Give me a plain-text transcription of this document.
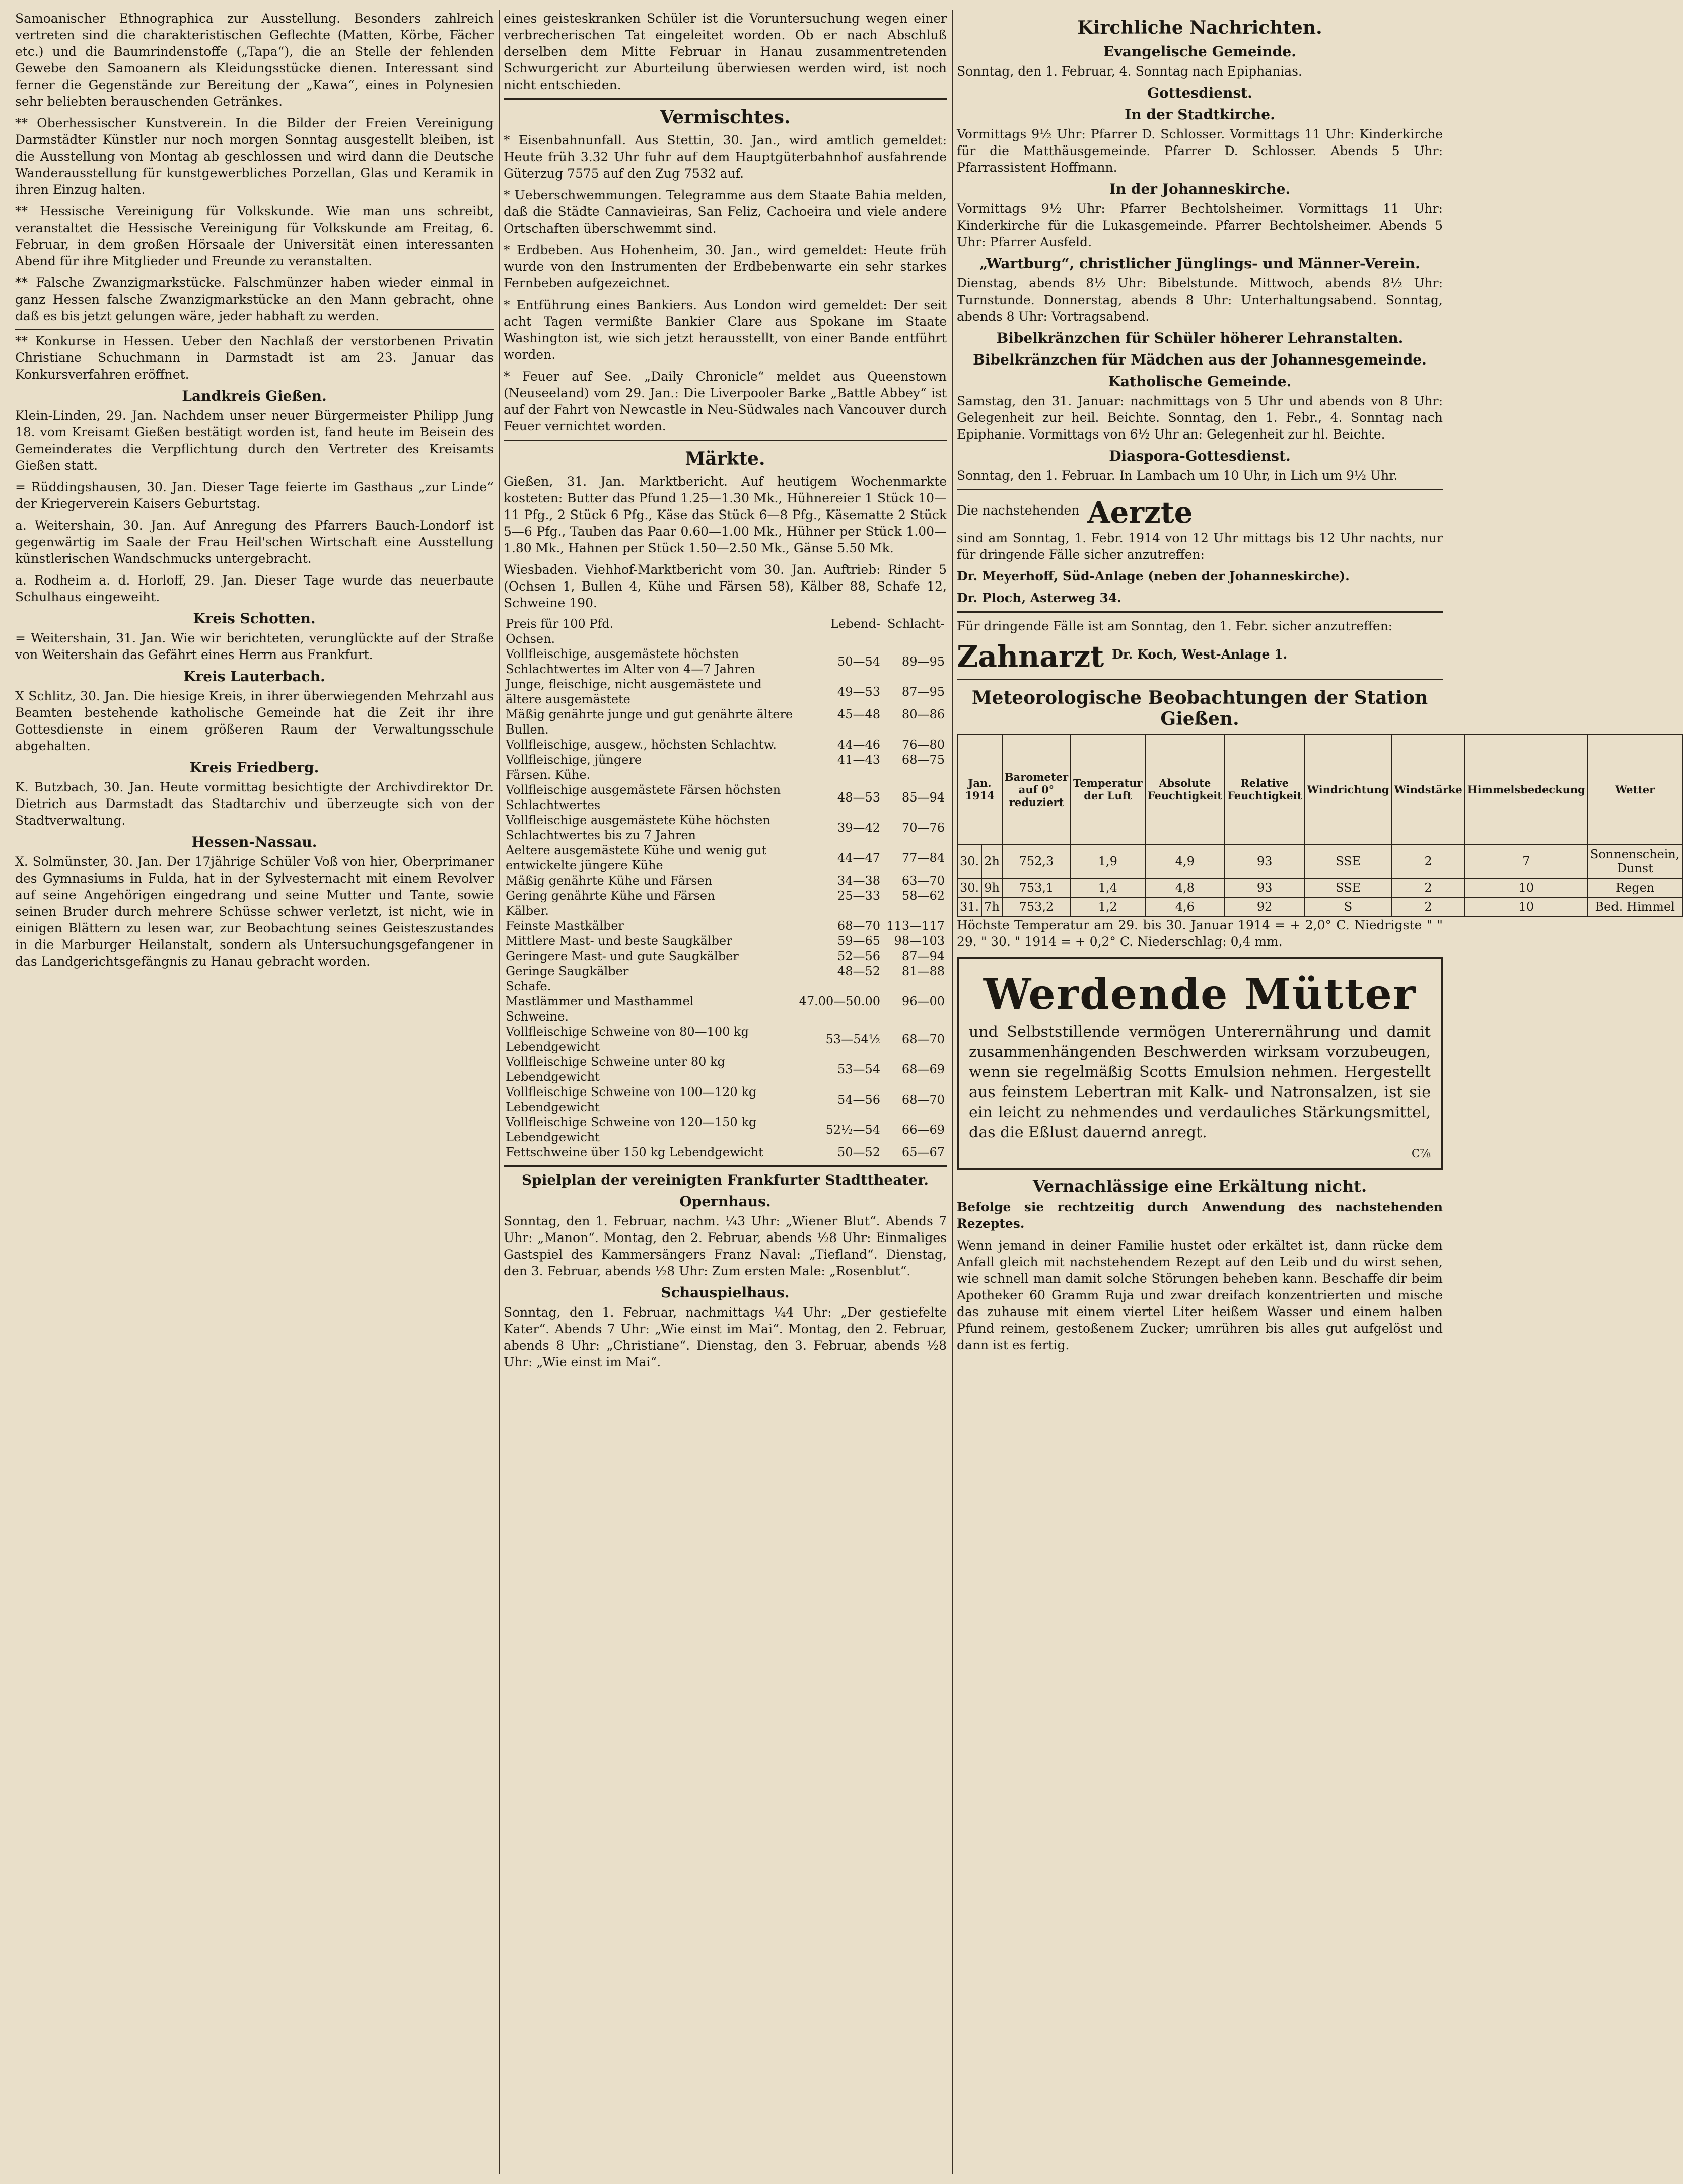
Samoanischer Ethnographica zur Ausstellung. Besonders zahlreich vertreten sind die charakteristischen Geflechte (Matten, Körbe, Fächer etc.) und die Baumrindenstoffe („Tapa“), die an Stelle der fehlenden Gewebe den Samoanern als Kleidungsstücke dienen. Interessant sind ferner die Gegenstände zur Bereitung der „Kawa“, eines in Polynesien sehr beliebten berauschenden Getränkes.

** Oberhessischer Kunstverein. In die Bilder der Freien Vereinigung Darmstädter Künstler nur noch morgen Sonntag ausgestellt bleiben, ist die Ausstellung von Montag ab geschlossen und wird dann die Deutsche Wanderausstellung für kunstgewerbliches Porzellan, Glas und Keramik in ihren Einzug halten.

** Hessische Vereinigung für Volkskunde. Wie man uns schreibt, veranstaltet die Hessische Vereinigung für Volkskunde am Freitag, 6. Februar, in dem großen Hörsaale der Universität einen interessanten Abend für ihre Mitglieder und Freunde zu veranstalten.

** Falsche Zwanzigmarkstücke. Falschmünzer haben wieder einmal in ganz Hessen falsche Zwanzigmarkstücke an den Mann gebracht, ohne daß es bis jetzt gelungen wäre, jeder habhaft zu werden.

** Konkurse in Hessen. Ueber den Nachlaß der verstorbenen Privatin Christiane Schuchmann in Darmstadt ist am 23. Januar das Konkursverfahren eröffnet.

Landkreis Gießen.

Klein-Linden, 29. Jan. Nachdem unser neuer Bürgermeister Philipp Jung 18. vom Kreisamt Gießen bestätigt worden ist, fand heute im Beisein des Gemeinderates die Verpflichtung durch den Vertreter des Kreisamts Gießen statt.

= Rüddingshausen, 30. Jan. Dieser Tage feierte im Gasthaus „zur Linde“ der Kriegerverein Kaisers Geburtstag.

a. Weitershain, 30. Jan. Auf Anregung des Pfarrers Bauch-Londorf ist gegenwärtig im Saale der Frau Heil'schen Wirtschaft eine Ausstellung künstlerischen Wandschmucks untergebracht.

a. Rodheim a. d. Horloff, 29. Jan. Dieser Tage wurde das neuerbaute Schulhaus eingeweiht.

Kreis Schotten.

= Weitershain, 31. Jan. Wie wir berichteten, verunglückte auf der Straße von Weitershain das Gefährt eines Herrn aus Frankfurt.

Kreis Lauterbach.

X Schlitz, 30. Jan. Die hiesige Kreis, in ihrer überwiegenden Mehrzahl aus Beamten bestehende katholische Gemeinde hat die Zeit ihr ihre Gottesdienste in einem größeren Raum der Verwaltungsschule abgehalten.

Kreis Friedberg.

K. Butzbach, 30. Jan. Heute vormittag besichtigte der Archivdirektor Dr. Dietrich aus Darmstadt das Stadtarchiv und überzeugte sich von der Stadtverwaltung.

Hessen-Nassau.

X. Solmünster, 30. Jan. Der 17jährige Schüler Voß von hier, Oberprimaner des Gymnasiums in Fulda, hat in der Sylvesternacht mit einem Revolver auf seine Angehörigen eingedrang und seine Mutter und Tante, sowie seinen Bruder durch mehrere Schüsse schwer verletzt, ist nicht, wie in einigen Blättern zu lesen war, zur Beobachtung seines Geisteszustandes in die Marburger Heilanstalt, sondern als Untersuchungsgefangener in das Landgerichtsgefängnis zu Hanau gebracht worden.

eines geisteskranken Schüler ist die Voruntersuchung wegen einer verbrecherischen Tat eingeleitet worden. Ob er nach Abschluß derselben dem Mitte Februar in Hanau zusammentretenden Schwurgericht zur Aburteilung überwiesen werden wird, ist noch nicht entschieden.

Vermischtes.

* Eisenbahnunfall. Aus Stettin, 30. Jan., wird amtlich gemeldet: Heute früh 3.32 Uhr fuhr auf dem Hauptgüterbahnhof ausfahrende Güterzug 7575 auf den Zug 7532 auf.

* Ueberschwemmungen. Telegramme aus dem Staate Bahia melden, daß die Städte Cannavieiras, San Feliz, Cachoeira und viele andere Ortschaften überschwemmt sind.

* Erdbeben. Aus Hohenheim, 30. Jan., wird gemeldet: Heute früh wurde von den Instrumenten der Erdbebenwarte ein sehr starkes Fernbeben aufgezeichnet.

* Entführung eines Bankiers. Aus London wird gemeldet: Der seit acht Tagen vermißte Bankier Clare aus Spokane im Staate Washington ist, wie sich jetzt herausstellt, von einer Bande entführt worden.

* Feuer auf See. „Daily Chronicle“ meldet aus Queenstown (Neuseeland) vom 29. Jan.: Die Liverpooler Barke „Battle Abbey“ ist auf der Fahrt von Newcastle in Neu-Südwales nach Vancouver durch Feuer vernichtet worden.

Märkte.

Gießen, 31. Jan. Marktbericht. Auf heutigem Wochenmarkte kosteten: Butter das Pfund 1.25—1.30 Mk., Hühnereier 1 Stück 10—11 Pfg., 2 Stück 6 Pfg., Käse das Stück 6—8 Pfg., Käsematte 2 Stück 5—6 Pfg., Tauben das Paar 0.60—1.00 Mk., Hühner per Stück 1.00—1.80 Mk., Hahnen per Stück 1.50—2.50 Mk., Gänse 5.50 Mk.

Wiesbaden. Viehhof-Marktbericht vom 30. Jan. Auftrieb: Rinder 5 (Ochsen 1, Bullen 4, Kühe und Färsen 58), Kälber 88, Schafe 12, Schweine 190.

Preis für 100 Pfd.	Lebend-	Schlacht-
Ochsen.		
Vollfleischige, ausgemästete höchsten Schlachtwertes im Alter von 4—7 Jahren	50—54	89—95
Junge, fleischige, nicht ausgemästete und ältere ausgemästete	49—53	87—95
Mäßig genährte junge und gut genährte ältere	45—48	80—86
Bullen.		
Vollfleischige, ausgew., höchsten Schlachtw.	44—46	76—80
Vollfleischige, jüngere	41—43	68—75
Färsen. Kühe.		
Vollfleischige ausgemästete Färsen höchsten Schlachtwertes	48—53	85—94
Vollfleischige ausgemästete Kühe höchsten Schlachtwertes bis zu 7 Jahren	39—42	70—76
Aeltere ausgemästete Kühe und wenig gut entwickelte jüngere Kühe	44—47	77—84
Mäßig genährte Kühe und Färsen	34—38	63—70
Gering genährte Kühe und Färsen	25—33	58—62
Kälber.		
Feinste Mastkälber	68—70	113—117
Mittlere Mast- und beste Saugkälber	59—65	98—103
Geringere Mast- und gute Saugkälber	52—56	87—94
Geringe Saugkälber	48—52	81—88
Schafe.		
Mastlämmer und Masthammel	47.00—50.00	96—00
Schweine.		
Vollfleischige Schweine von 80—100 kg Lebendgewicht	53—54½	68—70
Vollfleischige Schweine unter 80 kg Lebendgewicht	53—54	68—69
Vollfleischige Schweine von 100—120 kg Lebendgewicht	54—56	68—70
Vollfleischige Schweine von 120—150 kg Lebendgewicht	52½—54	66—69
Fettschweine über 150 kg Lebendgewicht	50—52	65—67
Spielplan der vereinigten Frankfurter Stadttheater.
Opernhaus.

Sonntag, den 1. Februar, nachm. ¼3 Uhr: „Wiener Blut“. Abends 7 Uhr: „Manon“. Montag, den 2. Februar, abends ½8 Uhr: Einmaliges Gastspiel des Kammersängers Franz Naval: „Tiefland“. Dienstag, den 3. Februar, abends ½8 Uhr: Zum ersten Male: „Rosenblut“.

Schauspielhaus.

Sonntag, den 1. Februar, nachmittags ¼4 Uhr: „Der gestiefelte Kater“. Abends 7 Uhr: „Wie einst im Mai“. Montag, den 2. Februar, abends 8 Uhr: „Christiane“. Dienstag, den 3. Februar, abends ½8 Uhr: „Wie einst im Mai“.

Kirchliche Nachrichten.
Evangelische Gemeinde.

Sonntag, den 1. Februar, 4. Sonntag nach Epiphanias.

Gottesdienst.
In der Stadtkirche.

Vormittags 9½ Uhr: Pfarrer D. Schlosser. Vormittags 11 Uhr: Kinderkirche für die Matthäusgemeinde. Pfarrer D. Schlosser. Abends 5 Uhr: Pfarrassistent Hoffmann.

In der Johanneskirche.

Vormittags 9½ Uhr: Pfarrer Bechtolsheimer. Vormittags 11 Uhr: Kinderkirche für die Lukasgemeinde. Pfarrer Bechtolsheimer. Abends 5 Uhr: Pfarrer Ausfeld.

„Wartburg“, christlicher Jünglings- und Männer-Verein.

Dienstag, abends 8½ Uhr: Bibelstunde. Mittwoch, abends 8½ Uhr: Turnstunde. Donnerstag, abends 8 Uhr: Unterhaltungsabend. Sonntag, abends 8 Uhr: Vortragsabend.

Bibelkränzchen für Schüler höherer Lehranstalten.
Bibelkränzchen für Mädchen aus der Johannesgemeinde.
Katholische Gemeinde.

Samstag, den 31. Januar: nachmittags von 5 Uhr und abends von 8 Uhr: Gelegenheit zur heil. Beichte. Sonntag, den 1. Febr., 4. Sonntag nach Epiphanie. Vormittags von 6½ Uhr an: Gelegenheit zur hl. Beichte.

Diaspora-Gottesdienst.

Sonntag, den 1. Februar. In Lambach um 10 Uhr, in Lich um 9½ Uhr.

Die nachstehenden Aerzte

sind am Sonntag, 1. Febr. 1914 von 12 Uhr mittags bis 12 Uhr nachts, nur für dringende Fälle sicher anzutreffen:

Dr. Meyerhoff, Süd-Anlage (neben der Johanneskirche).

Dr. Ploch, Asterweg 34.

Für dringende Fälle ist am Sonntag, den 1. Febr. sicher anzutreffen:

Zahnarzt Dr. Koch, West-Anlage 1.
Meteorologische Beobachtungen der Station Gießen.
Jan. 1914		Barometer auf 0° reduziert	Temperatur der Luft	Absolute Feuchtigkeit	Relative Feuchtigkeit	Windrichtung	Windstärke	Himmelsbedeckung	Wetter
30.	2h	752,3	1,9	4,9	93	SSE	2	7	Sonnenschein, Dunst
30.	9h	753,1	1,4	4,8	93	SSE	2	10	Regen
31.	7h	753,2	1,2	4,6	92	S	2	10	Bed. Himmel

Höchste Temperatur am 29. bis 30. Januar 1914 = + 2,0° C. Niedrigste " " 29. " 30. " 1914 = + 0,2° C. Niederschlag: 0,4 mm.

Werdende Mütter

und Selbststillende vermögen Unterernährung und damit zusammenhängenden Beschwerden wirksam vorzubeugen, wenn sie regelmäßig Scotts Emulsion nehmen. Hergestellt aus feinstem Lebertran mit Kalk- und Natronsalzen, ist sie ein leicht zu nehmendes und verdauliches Stärkungsmittel, das die Eßlust dauernd anregt.

C⅞
Vernachlässige eine Erkältung nicht.

Befolge sie rechtzeitig durch Anwendung des nachstehenden Rezeptes.

Wenn jemand in deiner Familie hustet oder erkältet ist, dann rücke dem Anfall gleich mit nachstehendem Rezept auf den Leib und du wirst sehen, wie schnell man damit solche Störungen beheben kann. Beschaffe dir beim Apotheker 60 Gramm Ruja und zwar dreifach konzentrierten und mische das zuhause mit einem viertel Liter heißem Wasser und einem halben Pfund reinem, gestoßenem Zucker; umrühren bis alles gut aufgelöst und dann ist es fertig.
